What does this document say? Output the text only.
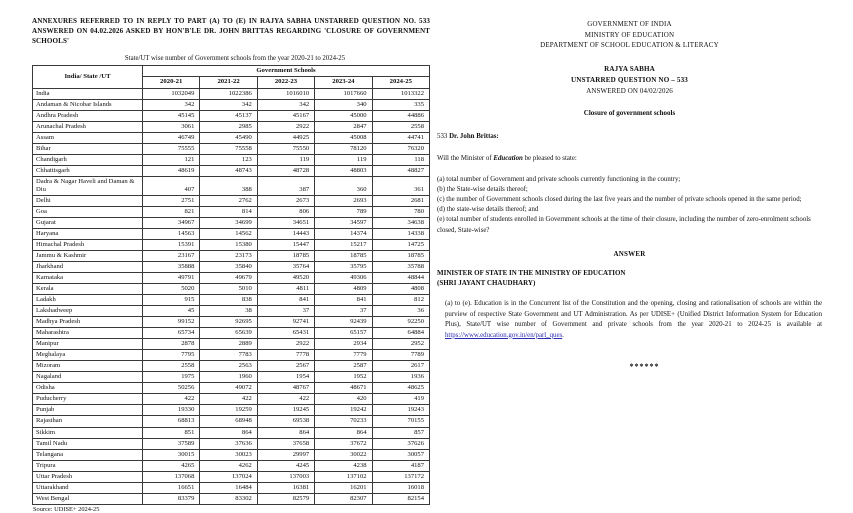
ANNEXURES REFERRED TO IN REPLY TO PART (A) TO (E) IN RAJYA SABHA UNSTARRED QUESTION NO. 533 ANSWERED ON 04.02.2026 ASKED BY HON'B'LE DR. JOHN BRITTAS REGARDING 'CLOSURE OF GOVERNMENT SCHOOLS'
State/UT wise number of Government schools from the year 2020-21 to 2024-25
India/ State /UT	Government Schools				
	2020-21	2021-22	2022-23	2023-24	2024-25
India	1032049	1022386	1016010	1017660	1013322
Andaman & Nicobar Islands	342	342	342	340	335
Andhra Pradesh	45145	45137	45167	45000	44886
Arunachal Pradesh	3061	2985	2922	2847	2558
Assam	46749	45490	44925	45008	44741
Bihar	75555	75558	75550	78120	76320
Chandigarh	121	123	119	119	118
Chhattisgarh	48619	48743	48728	48803	48827
Dadra & Nagar Haveli and Daman & Diu	407	388	387	360	361
Delhi	2751	2762	2673	2693	2681
Goa	821	814	806	789	780
Gujarat	34967	34699	34651	34597	34638
Haryana	14563	14562	14443	14374	14338
Himachal Pradesh	15391	15380	15447	15217	14725
Jammu & Kashmir	23167	23173	18785	18785	18785
Jharkhand	35888	35840	35764	35795	35788
Karnataka	49791	49679	49520	49306	48844
Kerala	5020	5010	4811	4809	4808
Ladakh	915	838	841	841	812
Lakshadweep	45	38	37	37	36
Madhya Pradesh	99152	92695	92741	92439	92250
Maharashtra	65734	65639	65431	65157	64884
Manipur	2878	2889	2922	2934	2952
Meghalaya	7795	7783	7778	7779	7789
Mizoram	2558	2563	2567	2587	2617
Nagaland	1975	1960	1954	1952	1936
Odisha	50256	49072	48767	48671	48625
Puducherry	422	422	422	420	419
Punjab	19330	19259	19245	19242	19243
Rajasthan	68813	68948	69538	70233	70155
Sikkim	851	864	864	864	857
Tamil Nadu	37589	37636	37658	37672	37626
Telangana	30015	30023	29997	30022	30057
Tripura	4265	4262	4245	4238	4187
Uttar Pradesh	137068	137024	137003	137102	137172
Uttarakhand	16651	16484	16381	16201	16018
West Bengal	83379	83302	82579	82307	82154
Source: UDISE+ 2024-25
GOVERNMENT OF INDIA
MINISTRY OF EDUCATION
DEPARTMENT OF SCHOOL EDUCATION & LITERACY
RAJYA SABHA
UNSTARRED QUESTION NO – 533
ANSWERED ON 04/02/2026
Closure of government schools
533 Dr. John Brittas:
Will the Minister of Education be pleased to state:
(a) total number of Government and private schools currently functioning in the country;
(b) the State-wise details thereof;
(c) the number of Government schools closed during the last five years and the number of private schools opened in the same period;
(d) the state-wise details thereof; and
(e) total number of students enrolled in Government schools at the time of their closure, including the number of zero-enrolment schools closed, State-wise?
ANSWER
MINISTER OF STATE IN THE MINISTRY OF EDUCATION
(SHRI JAYANT CHAUDHARY)
(a) to (e). Education is in the Concurrent list of the Constitution and the opening, closing and rationalisation of schools are within the purview of respective State Government and UT Administration. As per UDISE+ (Unified District Information System for Education Plus), State/UT wise number of Government and private schools from the year 2020-21 to 2024-25 is available at https://www.education.gov.in/en/parl_ques.
******
